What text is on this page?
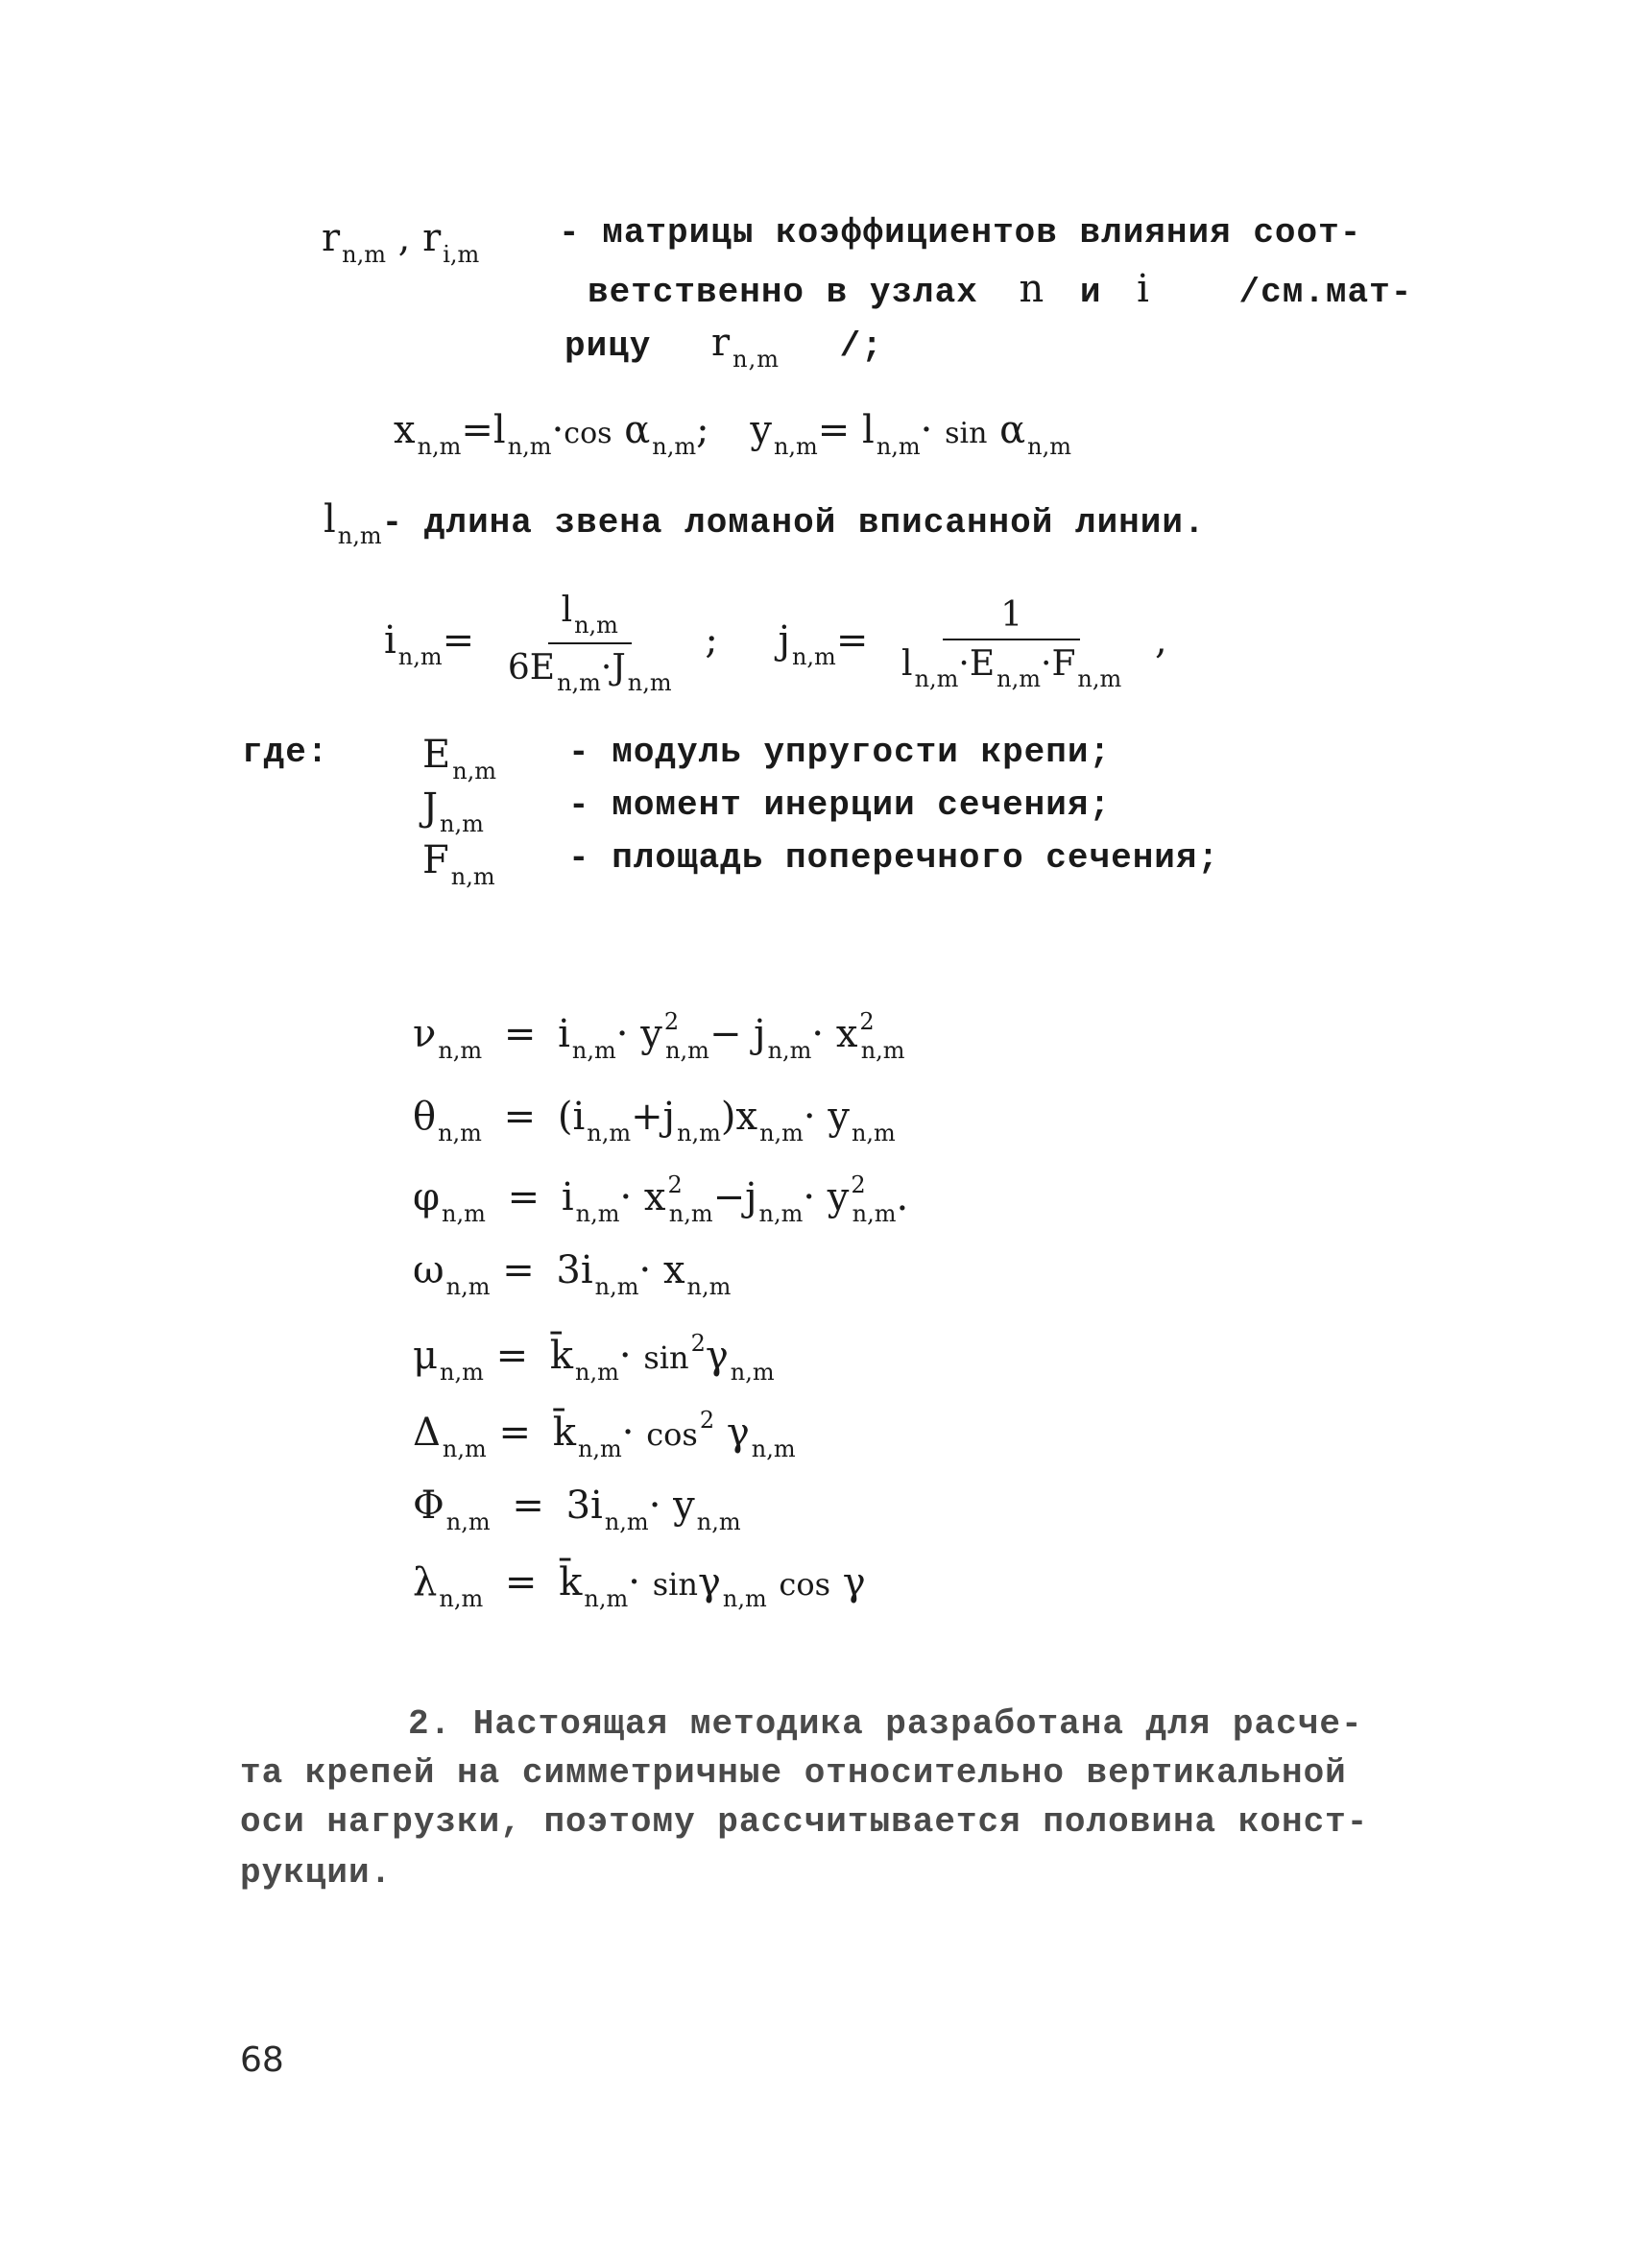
$r_{n,m}$ , $r_{i,m}$
- матрицы коэффициентов влияния соот-
ветственно в узлах n и i	/см.мат-
рицу $r_{n,m}$ /;
$x_{n,m}=l_{n,m}\cdot\cos$ $\alpha_{n,m}$; $y_{n,m}= l_{n,m}\cdot \sin \alpha_{n,m}$
ln,m- длина звена ломаной вписанной линии.
$i_{n,m}= \frac{l_{n,m}}{6E_{n,m}\cdot J_{n,m}}$ ; $j_{n,m}= \frac{1}{l_{n,m}\cdot E_{n,m}\cdot F_{n,m}}$ ,
где: En,m - модуль упругости крепи;
Jn,m - момент инерции сечения;
Fn,m - площадь поперечного сечения;
$\nu_{n,m} = i_{n,m}\cdot y^2_{n,m}- j_{n,m}\cdot x^2_{n,m}$
$\theta_{n,m} = (i_{n,m}+j_{n,m})x_{n,m}\cdot y_{n,m}$
$\varphi_{n,m} = i_{n,m}\cdot x^2_{n,m}-j_{n,m}\cdot y^2_{n,m}$.
$\omega_{n,m} = 3i_{n,m}\cdot x_{n,m}$
$\mu_{n,m}$ = $k̄_{n,m}\cdot \sin^2\gamma_{n,m}$
$\Delta_{n,m}$ = $k̄_{n,m}\cdot \cos^2 \gamma_{n,m}$
$\Phi_{n,m} = 3i_{n,m}\cdot y_{n,m}$
$\lambda_{n,m}$ = $k̄_{n,m}\cdot \sin\gamma_{n,m}$ cos γ
2. Настоящая методика разработана для расче-
та крепей на симметричные относительно вертикальной
оси нагрузки, поэтому рассчитывается половина конст-
рукции.
68
